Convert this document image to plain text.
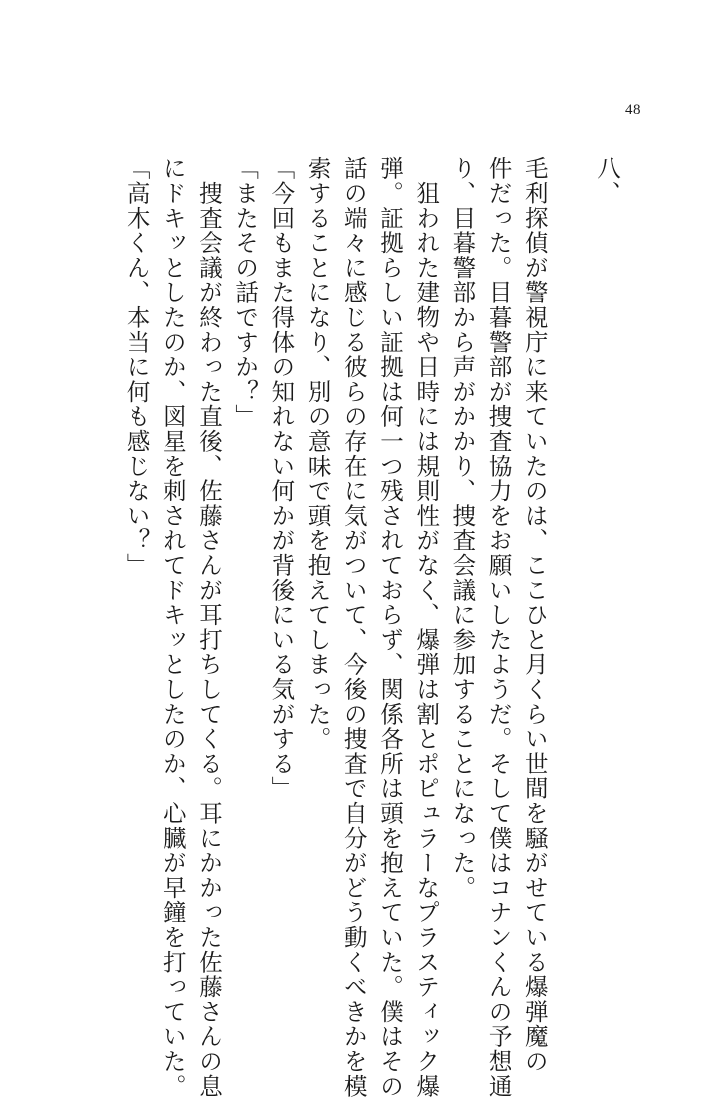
48

八、

毛利探偵が警視庁に来ていたのは、ここひと月くらい世間を騒がせている爆弾魔の

件だった。目暮警部が捜査協力をお願いしたようだ。そして僕はコナンくんの予想通

り、目暮警部から声がかかり、捜査会議に参加することになった。

　狙われた建物や日時には規則性がなく、爆弾は割とポピュラーなプラスティック爆

弾。証拠らしい証拠は何一つ残されておらず、関係各所は頭を抱えていた。僕はその

話の端々に感じる彼らの存在に気がついて、今後の捜査で自分がどう動くべきかを模

索することになり、別の意味で頭を抱えてしまった。

「今回もまた得体の知れない何かが背後にいる気がする」

「またその話ですか？」

　捜査会議が終わった直後、佐藤さんが耳打ちしてくる。耳にかかった佐藤さんの息

にドキッとしたのか、図星を刺されてドキッとしたのか、心臓が早鐘を打っていた。

「高木くん、本当に何も感じない？」
